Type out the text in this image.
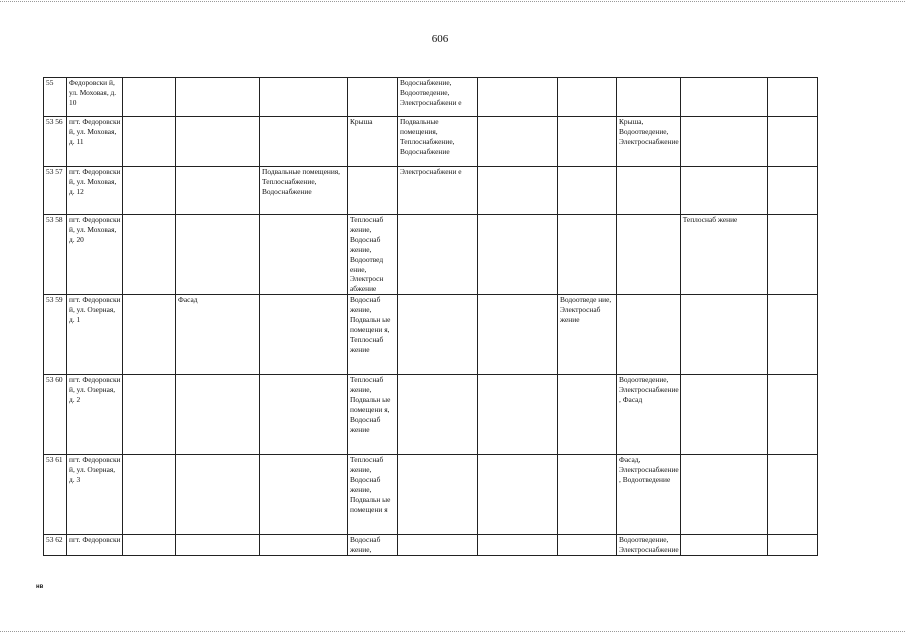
606
55	Федоровски й, ул. Моховая, д. 10					Водоснабжение, Водоотведение, Электроснабжени е					
53 56	пгт. Федоровски й, ул. Моховая, д. 11				Крыша	Подвальные помещения, Теплоснабжение, Водоснабжение			Крыша, Водоотведение, Электроснабжение		
53 57	пгт. Федоровски й, ул. Моховая, д. 12			Подвальные помещения, Теплоснабжение, Водоснабжение		Электроснабжени е					
53 58	пгт. Федоровски й, ул. Моховая, д. 20				Теплоснаб жение, Водоснаб жение, Водоотвед ение, Электросн абжение					Теплоснаб жение	
53 59	пгт. Федоровски й, ул. Озерная, д. 1		Фасад		Водоснаб жение, Подвальн ые помещени я, Теплоснаб жение			Водоотведе ние, Электроснаб жение			
53 60	пгт. Федоровски й, ул. Озерная, д. 2				Теплоснаб жение, Подвальн ые помещени я, Водоснаб жение				Водоотведение, Электроснабжение , Фасад		
53 61	пгт. Федоровски й, ул. Озерная, д. 3				Теплоснаб жение, Водоснаб жение, Подвальн ые помещени я				Фасад, Электроснабжение , Водоотведение		
53 62	пгт. Федоровски				Водоснаб жение,				Водоотведение, Электроснабжение		
нв
